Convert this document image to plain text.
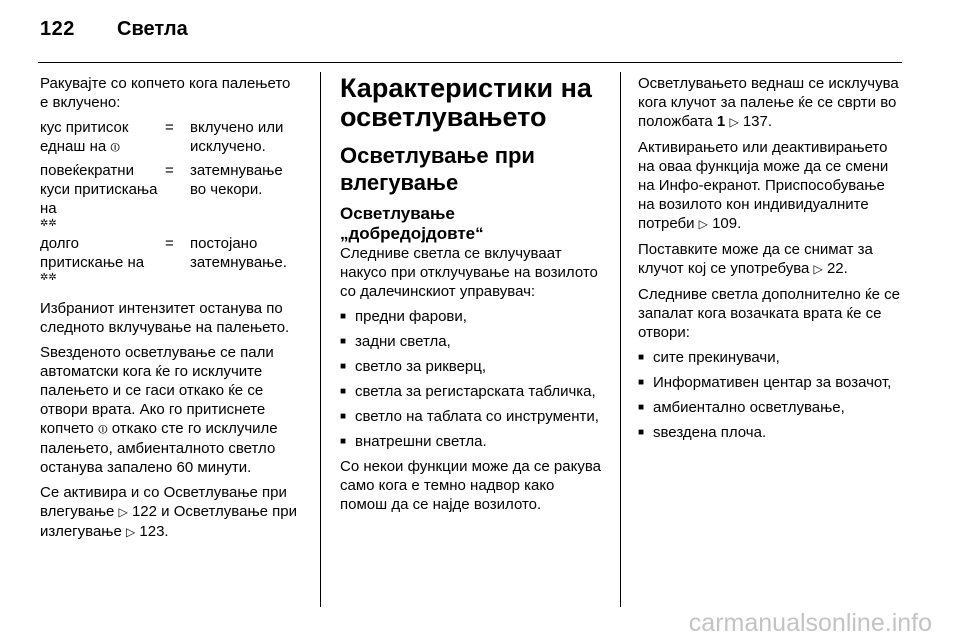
122 Светла

Ракувајте со копчето кога палењето е вклучено:

кус притисок еднаш на ⏼
=	вклучено или исклучено.
повеќекратни куси притискања на
✲✲
=	затемнување во чекори.
долго притискање на
✲✲
=	постојано затемнување.

Избраниот интензитет останува по следното вклучување на палењето.

Ѕвезденото осветлување се пали автоматски кога ќе го исклучите палењето и се гаси откако ќе се отвори врата. Ако го притиснете копчето ⏼ откако сте го исклучиле палењето, амбиенталното светло останува запалено 60 минути.

Се активира и со Осветлување при влегување ▷ 122 и Осветлување при излегување ▷ 123.

Карактеристики на осветлувањето
Осветлување при влегување
Осветлување „добредојдовте“

Следниве светла се вклучуваат накусо при отклучување на возилото со далечинскиот управувач:

■ предни фарови,
■ задни светла,
■ светло за рикверц,
■ светла за регистарската табличка,
■ светло на таблата со инструменти,
■ внатрешни светла.

Со некои функции може да се ракува само кога е темно надвор како помош да се најде возилото.

Осветлувањето веднаш се исклучува кога клучот за палење ќе се сврти во положбата 1 ▷ 137.

Активирањето или деактивирањето на оваа функција може да се смени на Инфо-екранот. Приспособување на возилото кон индивидуалните потреби ▷ 109.

Поставките може да се снимат за клучот кој се употребува ▷ 22.

Следниве светла дополнително ќе се запалат кога возачката врата ќе се отвори:

■ сите прекинувачи,
■ Информативен центар за возачот,
■ амбиентално осветлување,
■ ѕвездена плоча.
carmanualsonline.info
